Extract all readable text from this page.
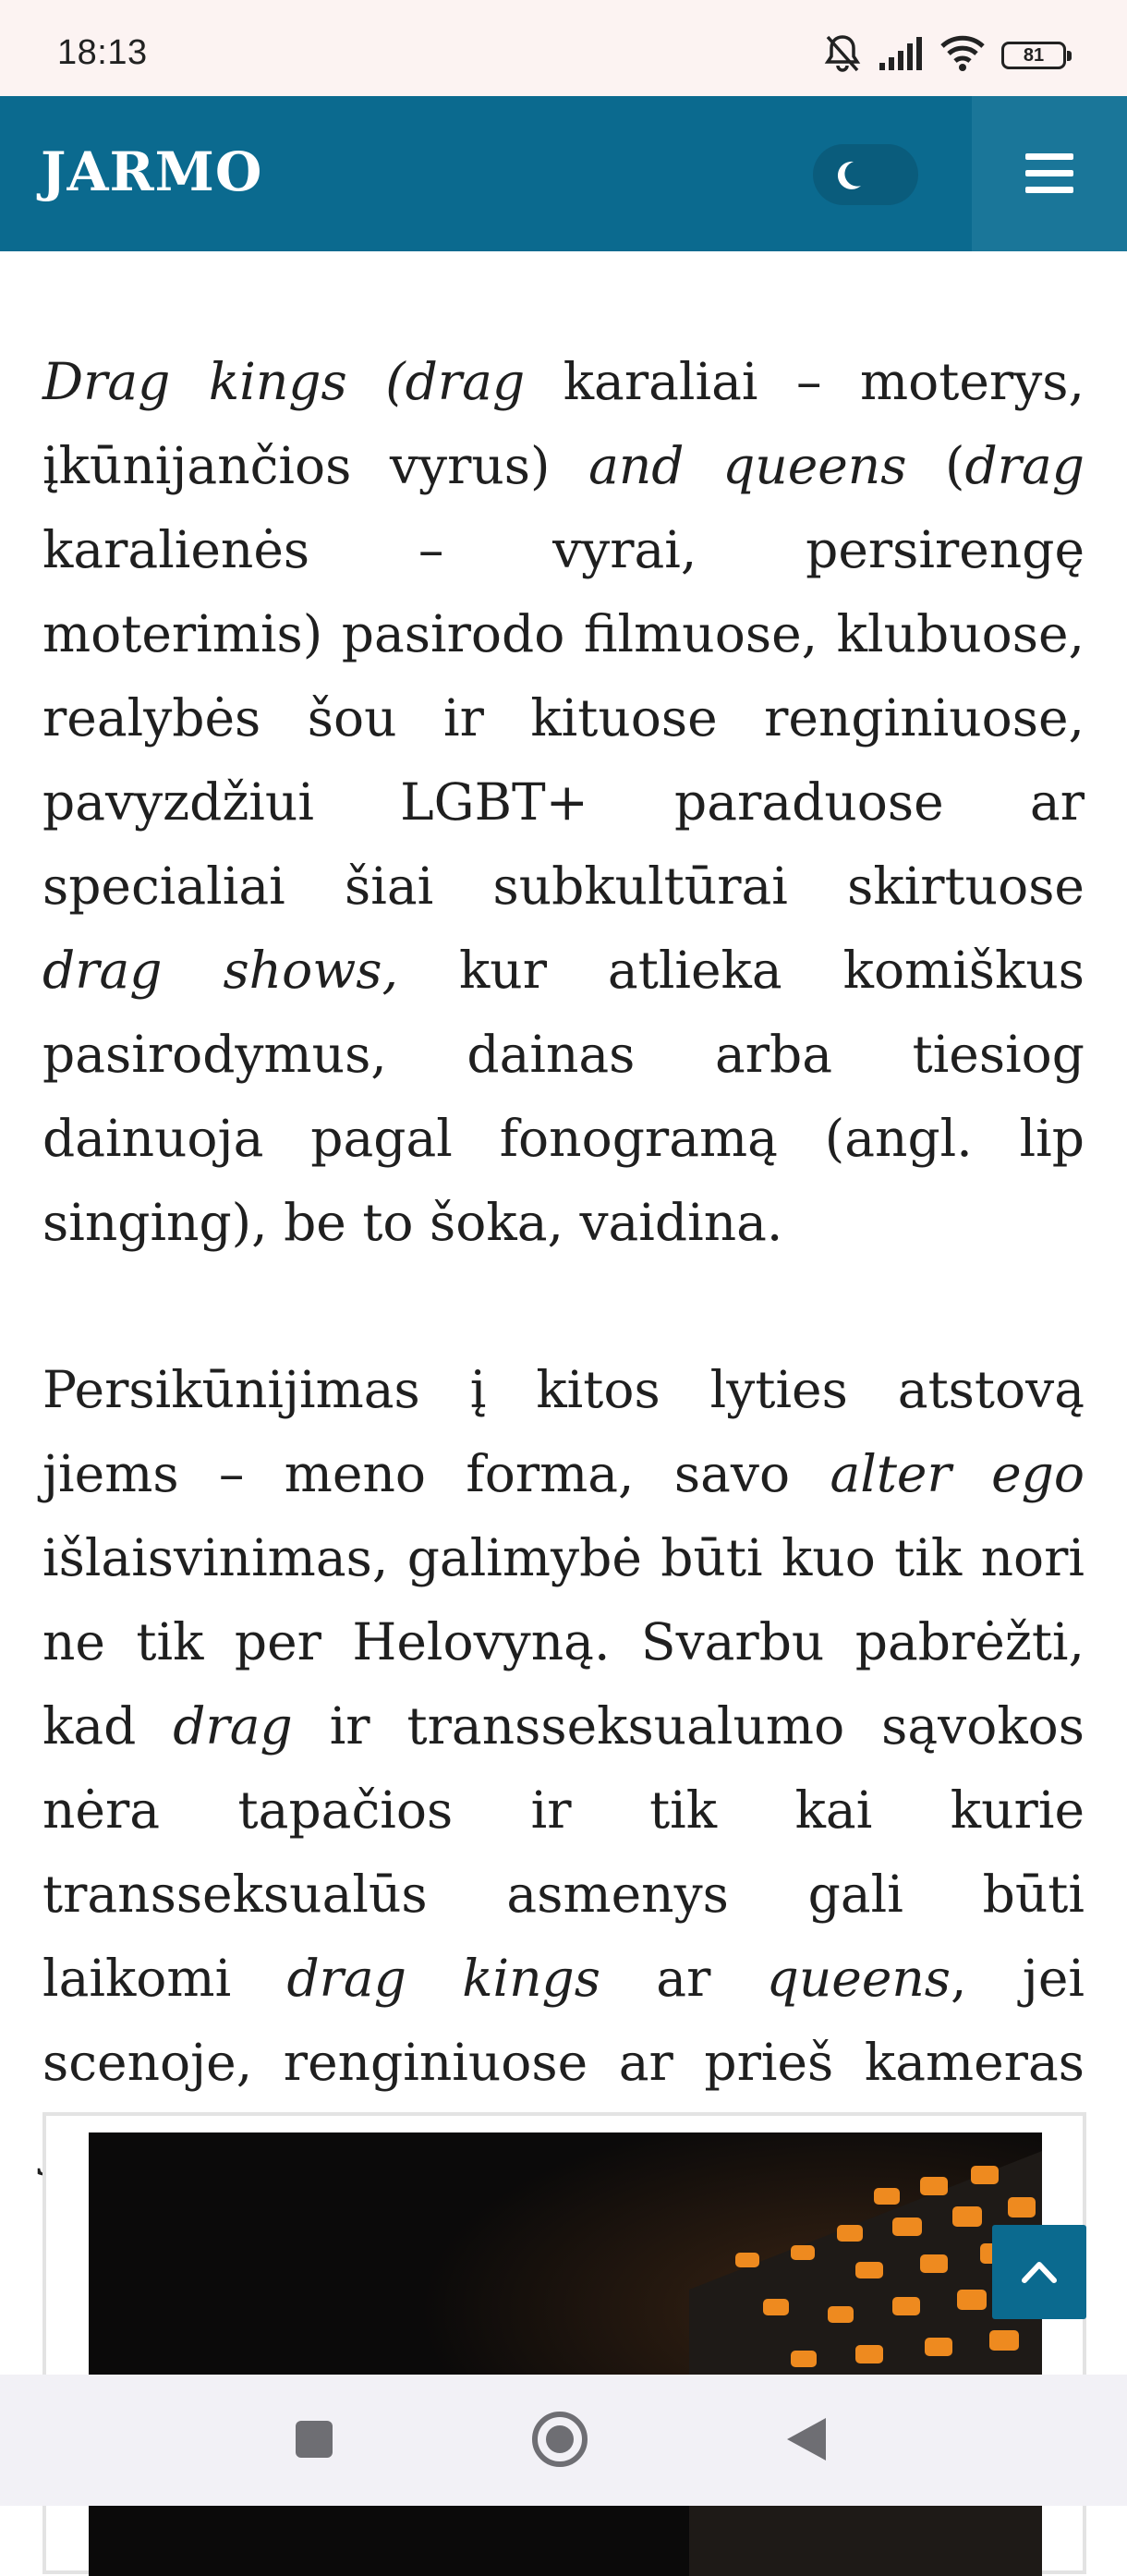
18:13	81
JARMO

Drag kings (drag karaliai – moterys, įkūnijančios vyrus) and queens (drag karalienės – vyrai, persirengę moterimis) pasirodo filmuose, klubuose, realybės šou ir kituose renginiuose, pavyzdžiui LGBT+ paraduose ar specialiai šiai subkultūrai skirtuose drag shows, kur atlieka komiškus pasirodymus, dainas arba tiesiog dainuoja pagal fonogramą (angl. lip singing), be to šoka, vaidina.

Persikūnijimas į kitos lyties atstovą jiems – meno forma, savo alter ego išlaisvinimas, galimybė būti kuo tik nori ne tik per Helovyną. Svarbu pabrėžti, kad drag ir transseksualumo sąvokos nėra tapačios ir tik kai kurie transseksualūs asmenys gali būti laikomi drag kings ar queens, jei scenoje, renginiuose ar prieš kameras
